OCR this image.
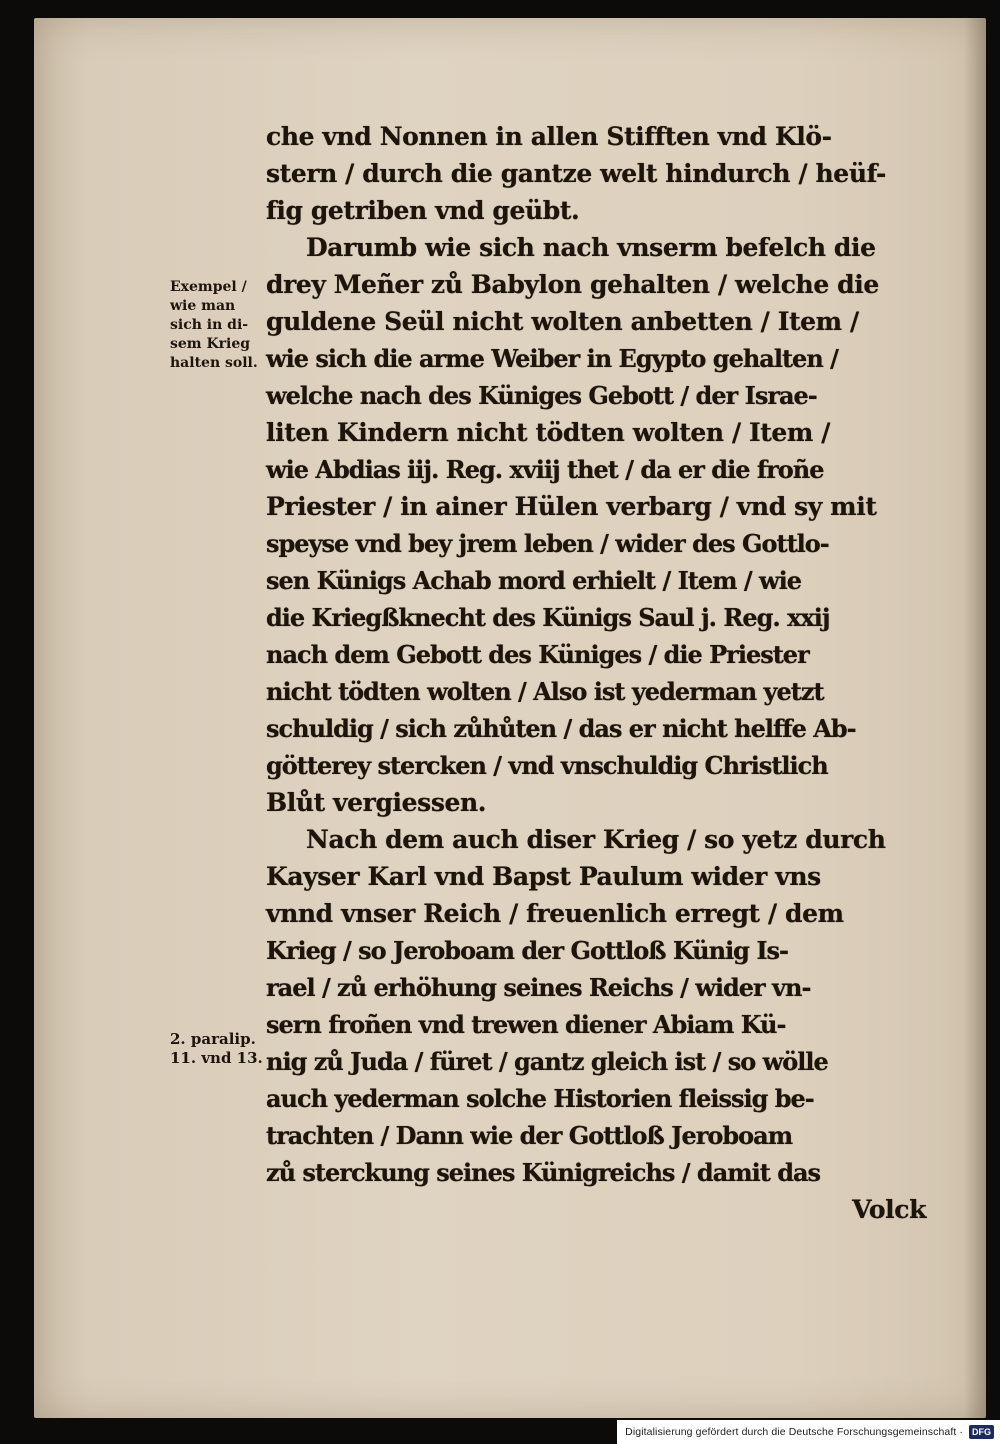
Exempel /
wie man
sich in di-
sem Krieg
halten soll.
2. paralip.
11. vnd 13.
che vnd Nonnen in allen Stifften vnd Klö-
stern / durch die gantze welt hindurch / heüf-
fig getriben vnd geübt.
Darumb wie sich nach vnserm befelch die
drey Meñer zů Babylon gehalten / welche die
guldene Seül nicht wolten anbetten / Item /
wie sich die arme Weiber in Egypto gehalten /
welche nach des Küniges Gebott / der Israe-
liten Kindern nicht tödten wolten / Item /
wie Abdias iij. Reg. xviij thet / da er die froñe
Priester / in ainer Hülen verbarg / vnd sy mit
speyse vnd bey jrem leben / wider des Gottlo-
sen Künigs Achab mord erhielt / Item / wie
die Kriegßknecht des Künigs Saul j. Reg. xxij
nach dem Gebott des Küniges / die Priester
nicht tödten wolten / Also ist yederman yetzt
schuldig / sich zůhůten / das er nicht helffe Ab-
götterey stercken / vnd vnschuldig Christlich
Blůt vergiessen.
Nach dem auch diser Krieg / so yetz durch
Kayser Karl vnd Bapst Paulum wider vns
vnnd vnser Reich / freuenlich erregt / dem
Krieg / so Jeroboam der Gottloß Künig Is-
rael / zů erhöhung seines Reichs / wider vn-
sern froñen vnd trewen diener Abiam Kü-
nig zů Juda / füret / gantz gleich ist / so wölle
auch yederman solche Historien fleissig be-
trachten / Dann wie der Gottloß Jeroboam
zů sterckung seines Künigreichs / damit das
Volck
Digitalisierung gefördert durch die Deutsche Forschungsgemeinschaft ·	DFG
